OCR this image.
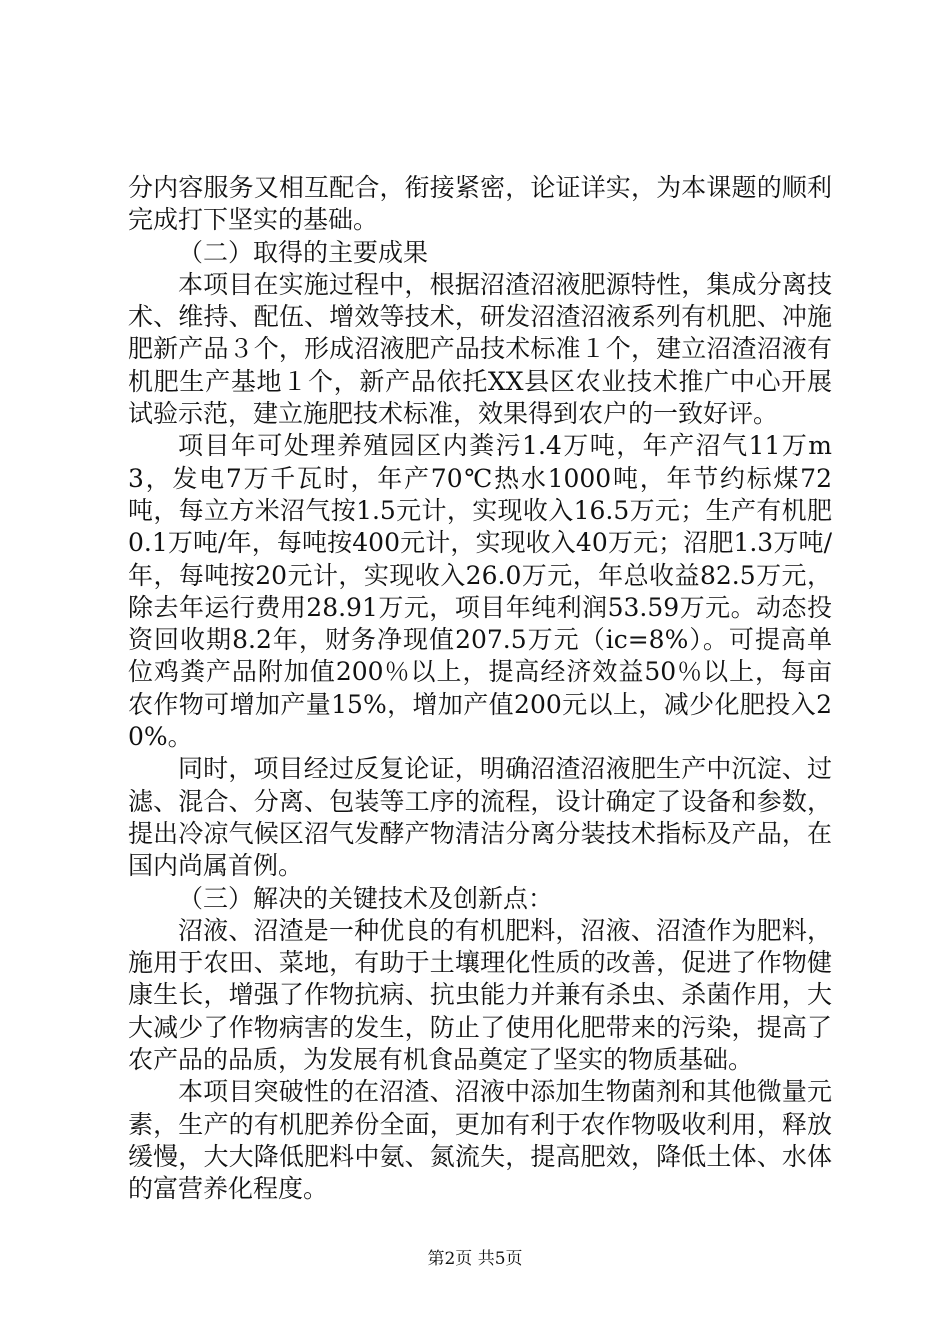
分内容服务又相互配合，衔接紧密，论证详实，为本课题的顺利完成打下坚实的基础。

（二）取得的主要成果

本项目在实施过程中，根据沼渣沼液肥源特性，集成分离技术、维持、配伍、增效等技术，研发沼渣沼液系列有机肥、冲施肥新产品３个，形成沼液肥产品技术标准１个，建立沼渣沼液有机肥生产基地１个，新产品依托XX县区农业技术推广中心开展试验示范，建立施肥技术标准，效果得到农户的一致好评。

项目年可处理养殖园区内粪污1.4万吨，年产沼气11万m3，发电7万千瓦时，年产70℃热水1000吨，年节约标煤72吨，每立方米沼气按1.5元计，实现收入16.5万元；生产有机肥0.1万吨/年，每吨按400元计，实现收入40万元；沼肥1.3万吨/年，每吨按20元计，实现收入26.0万元，年总收益82.5万元，除去年运行费用28.91万元，项目年纯利润53.59万元。动态投资回收期8.2年，财务净现值207.5万元（ic=8%）。可提高单位鸡粪产品附加值200％以上，提高经济效益50％以上，每亩农作物可增加产量15%，增加产值200元以上，减少化肥投入20%。

同时，项目经过反复论证，明确沼渣沼液肥生产中沉淀、过滤、混合、分离、包装等工序的流程，设计确定了设备和参数，提出冷凉气候区沼气发酵产物清洁分离分装技术指标及产品，在国内尚属首例。

（三）解决的关键技术及创新点：

沼液、沼渣是一种优良的有机肥料，沼液、沼渣作为肥料，施用于农田、菜地，有助于土壤理化性质的改善，促进了作物健康生长，增强了作物抗病、抗虫能力并兼有杀虫、杀菌作用，大大减少了作物病害的发生，防止了使用化肥带来的污染，提高了农产品的品质，为发展有机食品奠定了坚实的物质基础。

本项目突破性的在沼渣、沼液中添加生物菌剂和其他微量元素，生产的有机肥养份全面，更加有利于农作物吸收利用，释放缓慢，大大降低肥料中氨、氮流失，提高肥效，降低土体、水体的富营养化程度。

第2页 共5页
